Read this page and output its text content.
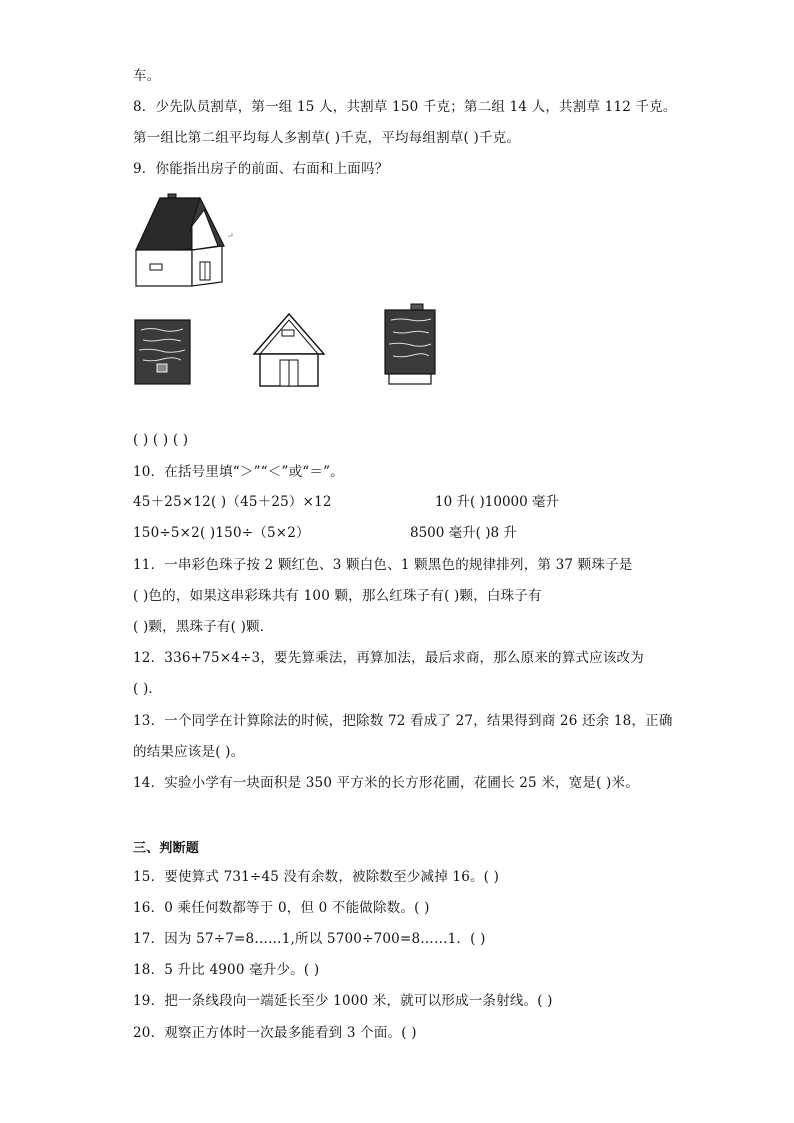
车。
8．少先队员割草，第一组 15 人，共割草 150 千克；第二组 14 人，共割草 112 千克。
第一组比第二组平均每人多割草( )千克，平均每组割草( )千克。
9．你能指出房子的前面、右面和上面吗？
( ) ( ) ( )
10．在括号里填“＞”“＜”或“＝”。
45＋25×12( )（45＋25）×12	10 升( )10000 毫升
150÷5×2( )150÷（5×2）	8500 毫升( )8 升
11．一串彩色珠子按 2 颗红色、3 颗白色、1 颗黑色的规律排列，第 37 颗珠子是
( )色的，如果这串彩珠共有 100 颗，那么红珠子有( )颗，白珠子有
( )颗，黑珠子有( )颗．
12．336+75×4÷3，要先算乘法，再算加法，最后求商，那么原来的算式应该改为
( )．
13．一个同学在计算除法的时候，把除数 72 看成了 27，结果得到商 26 还余 18，正确
的结果应该是( )。
14．实验小学有一块面积是 350 平方米的长方形花圃，花圃长 25 米，宽是( )米。
三、判断题
15．要使算式 731÷45 没有余数，被除数至少减掉 16。( )
16．0 乘任何数都等于 0，但 0 不能做除数。( )
17．因为 57÷7=8……1,所以 5700÷700=8……1．( )
18．5 升比 4900 毫升少。( )
19．把一条线段向一端延长至少 1000 米，就可以形成一条射线。( )
20．观察正方体时一次最多能看到 3 个面。( )
